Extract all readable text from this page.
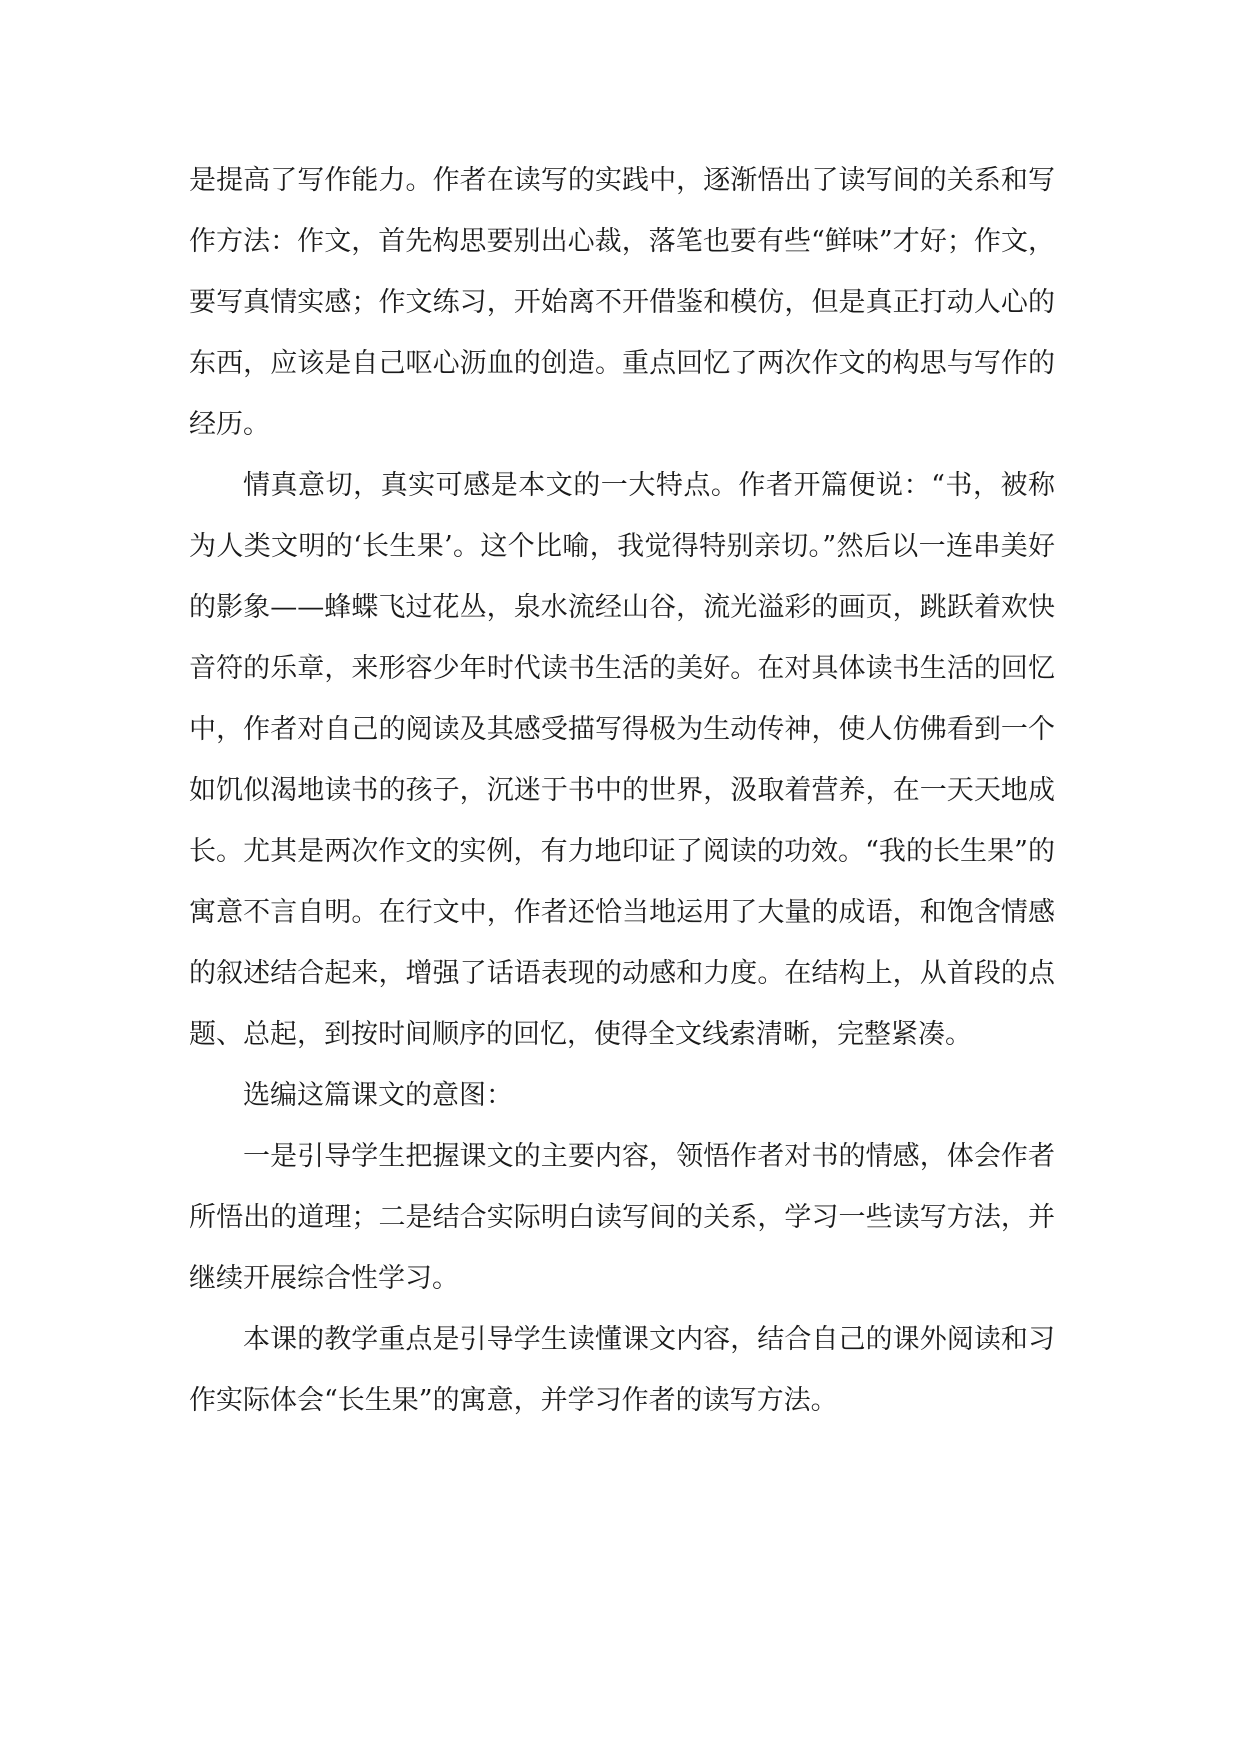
是提高了写作能力。作者在读写的实践中，逐渐悟出了读写间的关系和写作方法：作文，首先构思要别出心裁，落笔也要有些“鲜味”才好；作文，要写真情实感；作文练习，开始离不开借鉴和模仿，但是真正打动人心的东西，应该是自己呕心沥血的创造。重点回忆了两次作文的构思与写作的经历。

情真意切，真实可感是本文的一大特点。作者开篇便说：“书，被称为人类文明的‘长生果’。这个比喻，我觉得特别亲切。”然后以一连串美好的影象——蜂蝶飞过花丛，泉水流经山谷，流光溢彩的画页，跳跃着欢快音符的乐章，来形容少年时代读书生活的美好。在对具体读书生活的回忆中，作者对自己的阅读及其感受描写得极为生动传神，使人仿佛看到一个如饥似渴地读书的孩子，沉迷于书中的世界，汲取着营养，在一天天地成长。尤其是两次作文的实例，有力地印证了阅读的功效。“我的长生果”的寓意不言自明。在行文中，作者还恰当地运用了大量的成语，和饱含情感的叙述结合起来，增强了话语表现的动感和力度。在结构上，从首段的点题、总起，到按时间顺序的回忆，使得全文线索清晰，完整紧凑。

选编这篇课文的意图：

一是引导学生把握课文的主要内容，领悟作者对书的情感，体会作者所悟出的道理；二是结合实际明白读写间的关系，学习一些读写方法，并继续开展综合性学习。

本课的教学重点是引导学生读懂课文内容，结合自己的课外阅读和习作实际体会“长生果”的寓意，并学习作者的读写方法。
